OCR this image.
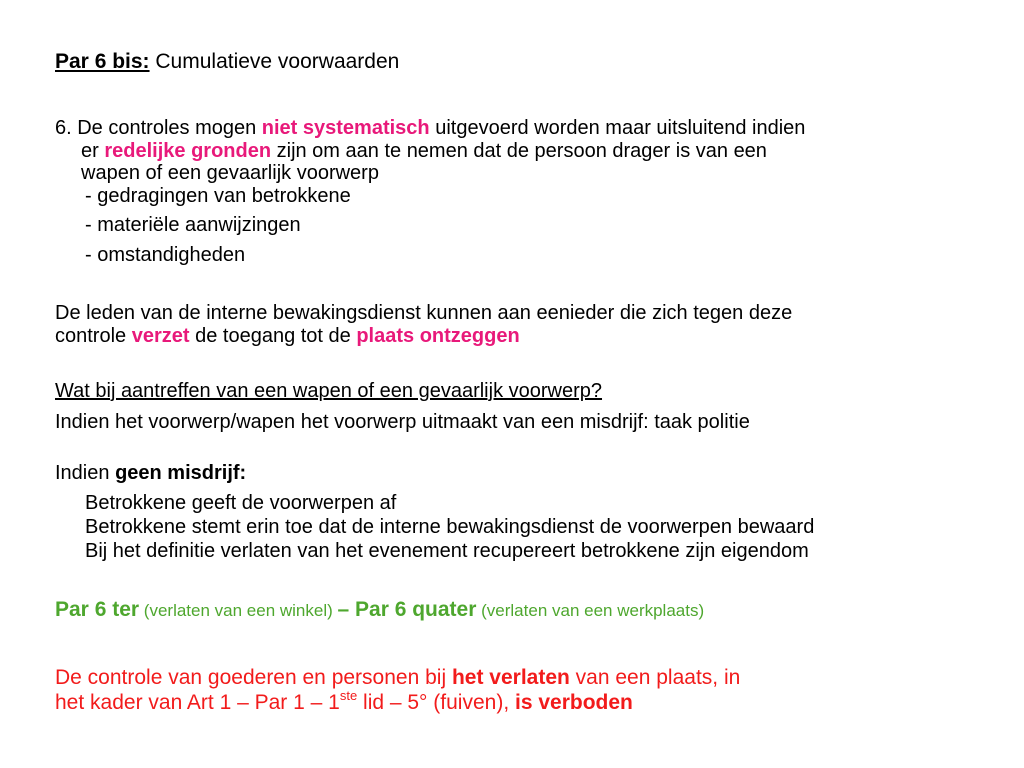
Par 6 bis: Cumulatieve voorwaarden
6. De controles mogen niet systematisch uitgevoerd worden maar uitsluitend indien
er redelijke gronden zijn om aan te nemen dat de persoon drager is van een
wapen of een gevaarlijk voorwerp
- gedragingen van betrokkene
- materiële aanwijzingen
- omstandigheden
De leden van de interne bewakingsdienst kunnen aan eenieder die zich tegen deze
controle verzet de toegang tot de plaats ontzeggen
Wat bij aantreffen van een wapen of een gevaarlijk voorwerp?
Indien het voorwerp/wapen het voorwerp uitmaakt van een misdrijf: taak politie
Indien geen misdrijf:
Betrokkene geeft de voorwerpen af
Betrokkene stemt erin toe dat de interne bewakingsdienst de voorwerpen bewaard
Bij het definitie verlaten van het evenement recupereert betrokkene zijn eigendom
Par 6 ter (verlaten van een winkel) – Par 6 quater (verlaten van een werkplaats)
De controle van goederen en personen bij het verlaten van een plaats, in
het kader van Art 1 – Par 1 – 1ste lid – 5° (fuiven), is verboden
